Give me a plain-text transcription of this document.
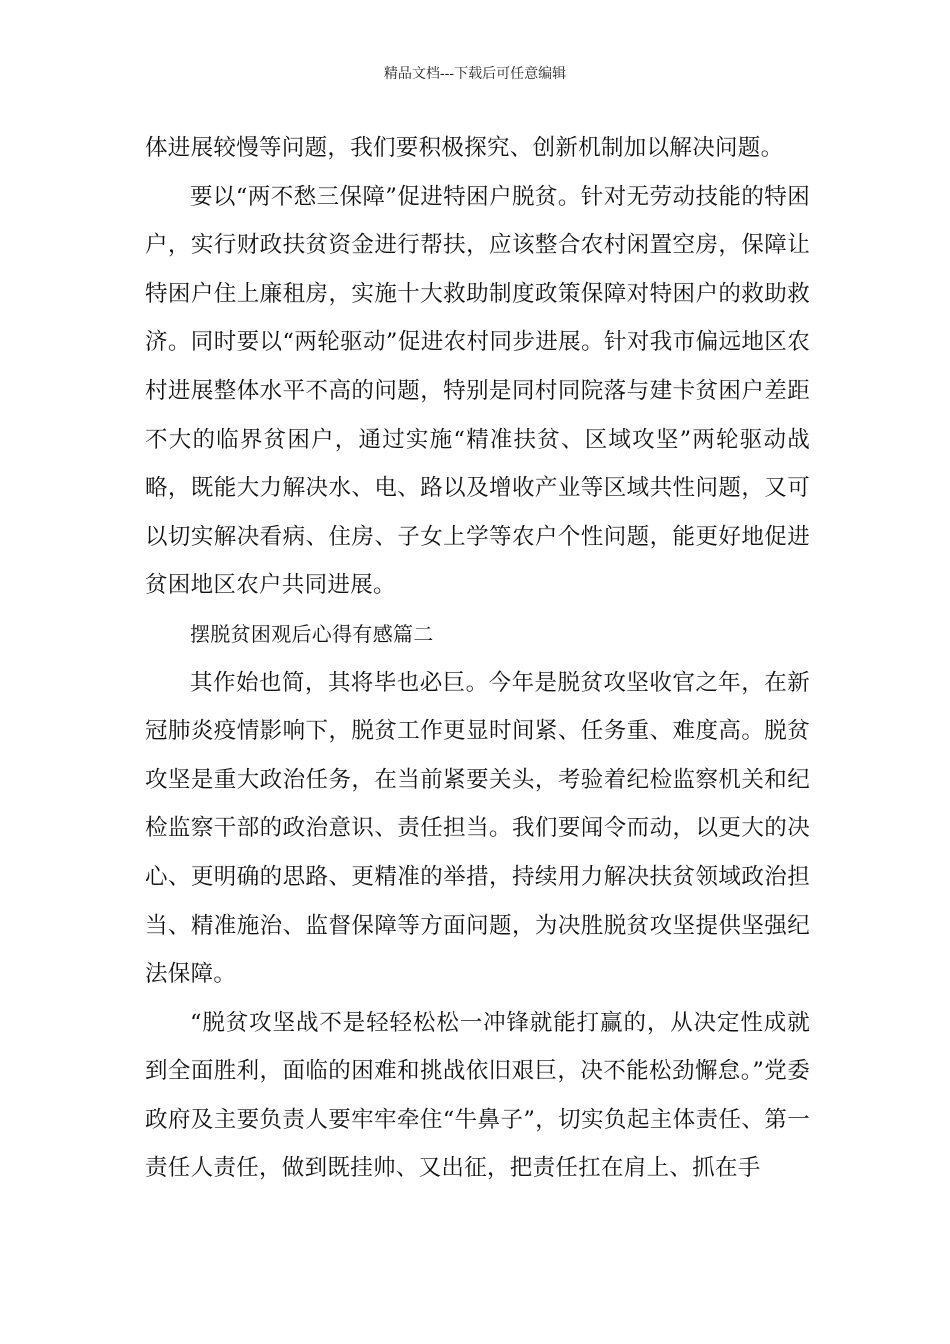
精品文档---下载后可任意编辑

体进展较慢等问题，我们要积极探究、创新机制加以解决问题。

要以“两不愁三保障”促进特困户脱贫。针对无劳动技能的特困户，实行财政扶贫资金进行帮扶，应该整合农村闲置空房，保障让特困户住上廉租房，实施十大救助制度政策保障对特困户的救助救济。同时要以“两轮驱动”促进农村同步进展。针对我市偏远地区农村进展整体水平不高的问题，特别是同村同院落与建卡贫困户差距不大的临界贫困户，通过实施“精准扶贫、区域攻坚”两轮驱动战略，既能大力解决水、电、路以及增收产业等区域共性问题，又可以切实解决看病、住房、子女上学等农户个性问题，能更好地促进贫困地区农户共同进展。

摆脱贫困观后心得有感篇二

其作始也简，其将毕也必巨。今年是脱贫攻坚收官之年，在新冠肺炎疫情影响下，脱贫工作更显时间紧、任务重、难度高。脱贫攻坚是重大政治任务，在当前紧要关头，考验着纪检监察机关和纪检监察干部的政治意识、责任担当。我们要闻令而动，以更大的决心、更明确的思路、更精准的举措，持续用力解决扶贫领域政治担当、精准施治、监督保障等方面问题，为决胜脱贫攻坚提供坚强纪法保障。

“脱贫攻坚战不是轻轻松松一冲锋就能打赢的，从决定性成就到全面胜利，面临的困难和挑战依旧艰巨，决不能松劲懈怠。”党委政府及主要负责人要牢牢牵住“牛鼻子”，切实负起主体责任、第一责任人责任，做到既挂帅、又出征，把责任扛在肩上、抓在手
